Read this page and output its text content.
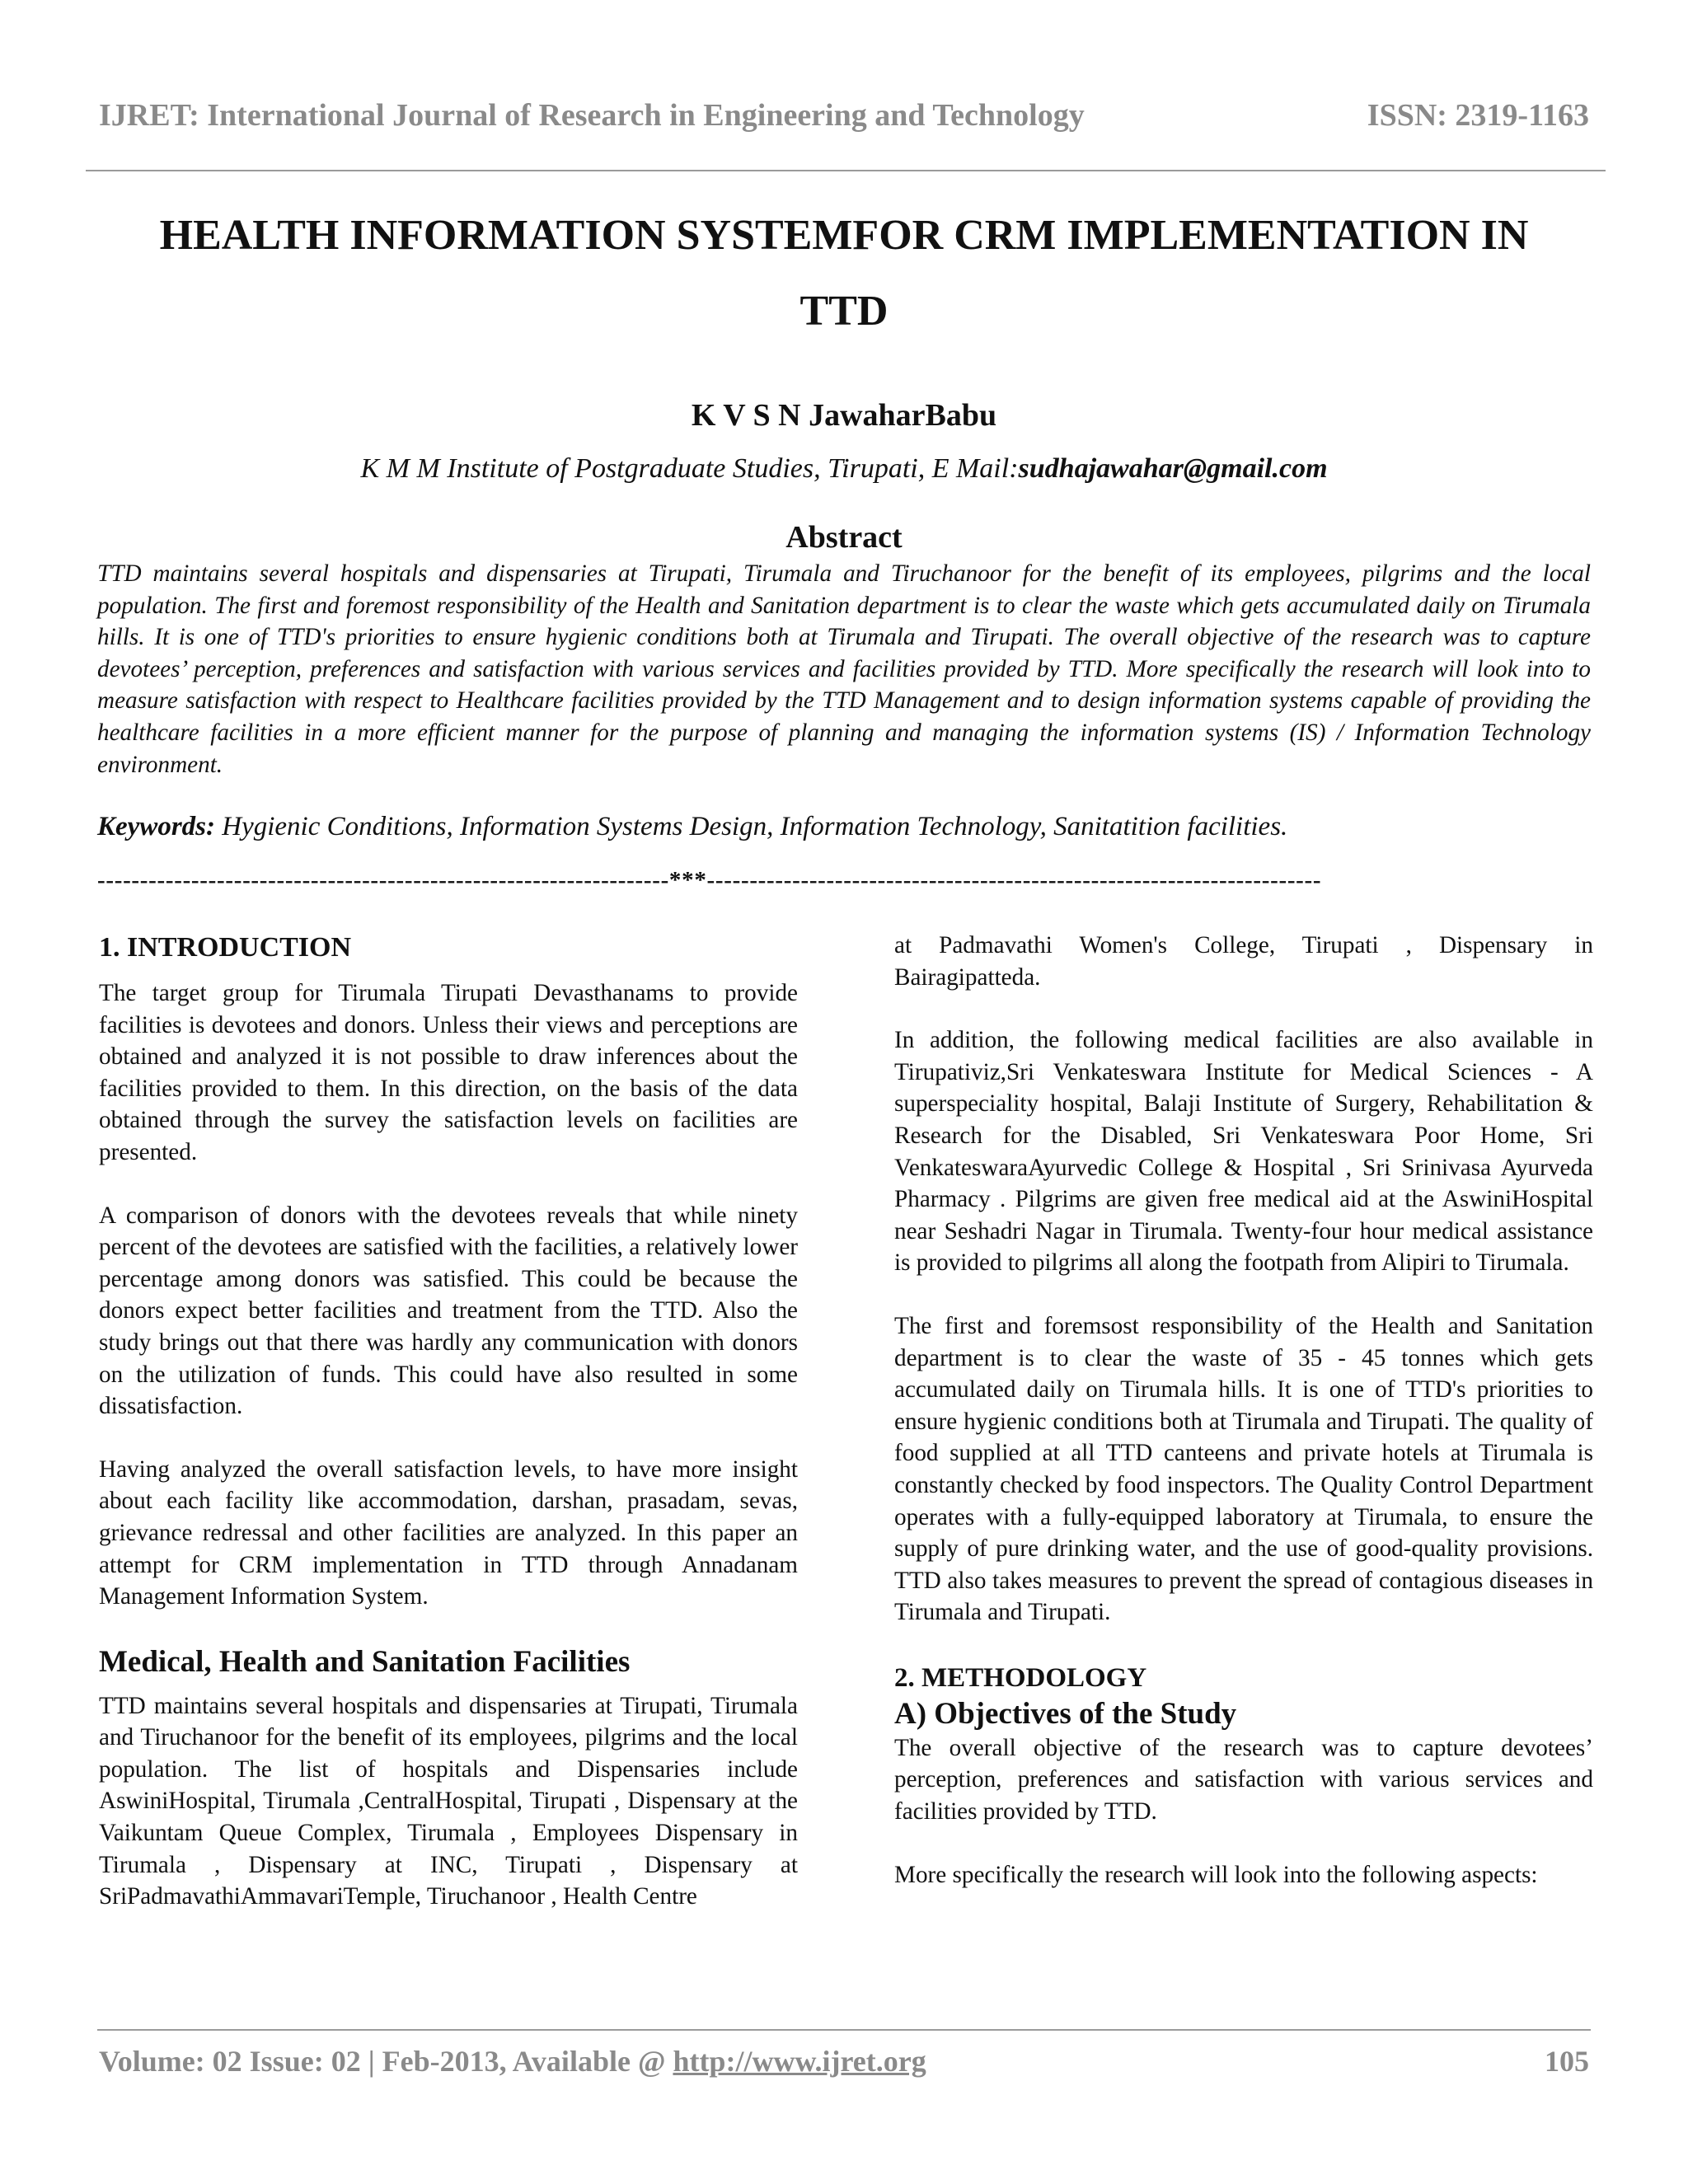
IJRET: International Journal of Research in Engineering and Technology	ISSN: 2319-1163
HEALTH INFORMATION SYSTEMFOR CRM IMPLEMENTATION IN
TTD
K V S N JawaharBabu
K M M Institute of Postgraduate Studies, Tirupati, E Mail:sudhajawahar@gmail.com
Abstract

TTD maintains several hospitals and dispensaries at Tirupati, Tirumala and Tiruchanoor for the benefit of its employees, pilgrims and the local population. The first and foremost responsibility of the Health and Sanitation department is to clear the waste which gets accumulated daily on Tirumala hills. It is one of TTD's priorities to ensure hygienic conditions both at Tirumala and Tirupati. The overall objective of the research was to capture devotees’ perception, preferences and satisfaction with various services and facilities provided by TTD. More specifically the research will look into to measure satisfaction with respect to Healthcare facilities provided by the TTD Management and to design information systems capable of providing the healthcare facilities in a more efficient manner for the purpose of planning and managing the information systems (IS) / Information Technology environment.

Keywords: Hygienic Conditions, Information Systems Design, Information Technology, Sanitatition facilities.
-------------------------------------------------------------------***------------------------------------------------------------------------
1. INTRODUCTION

The target group for Tirumala Tirupati Devasthanams to provide facilities is devotees and donors. Unless their views and perceptions are obtained and analyzed it is not possible to draw inferences about the facilities provided to them. In this direction, on the basis of the data obtained through the survey the satisfaction levels on facilities are presented.

A comparison of donors with the devotees reveals that while ninety percent of the devotees are satisfied with the facilities, a relatively lower percentage among donors was satisfied. This could be because the donors expect better facilities and treatment from the TTD. Also the study brings out that there was hardly any communication with donors on the utilization of funds. This could have also resulted in some dissatisfaction.

Having analyzed the overall satisfaction levels, to have more insight about each facility like accommodation, darshan, prasadam, sevas, grievance redressal and other facilities are analyzed. In this paper an attempt for CRM implementation in TTD through Annadanam Management Information System.

Medical, Health and Sanitation Facilities

TTD maintains several hospitals and dispensaries at Tirupati, Tirumala and Tiruchanoor for the benefit of its employees, pilgrims and the local population. The list of hospitals and Dispensaries include AswiniHospital, Tirumala ,CentralHospital, Tirupati , Dispensary at the Vaikuntam Queue Complex, Tirumala , Employees Dispensary in Tirumala , Dispensary at INC, Tirupati , Dispensary at SriPadmavathiAmmavariTemple, Tiruchanoor , Health Centre

at Padmavathi Women's College, Tirupati , Dispensary in Bairagipatteda.

In addition, the following medical facilities are also available in Tirupativiz,Sri Venkateswara Institute for Medical Sciences - A superspeciality hospital, Balaji Institute of Surgery, Rehabilitation & Research for the Disabled, Sri Venkateswara Poor Home, Sri VenkateswaraAyurvedic College & Hospital , Sri Srinivasa Ayurveda Pharmacy . Pilgrims are given free medical aid at the AswiniHospital near Seshadri Nagar in Tirumala. Twenty-four hour medical assistance is provided to pilgrims all along the footpath from Alipiri to Tirumala.

The first and foremsost responsibility of the Health and Sanitation department is to clear the waste of 35 - 45 tonnes which gets accumulated daily on Tirumala hills. It is one of TTD's priorities to ensure hygienic conditions both at Tirumala and Tirupati. The quality of food supplied at all TTD canteens and private hotels at Tirumala is constantly checked by food inspectors. The Quality Control Department operates with a fully-equipped laboratory at Tirumala, to ensure the supply of pure drinking water, and the use of good-quality provisions. TTD also takes measures to prevent the spread of contagious diseases in Tirumala and Tirupati.

2. METHODOLOGY
A) Objectives of the Study

The overall objective of the research was to capture devotees’ perception, preferences and satisfaction with various services and facilities provided by TTD.

More specifically the research will look into the following aspects:

Volume: 02 Issue: 02 | Feb-2013, Available @ http://www.ijret.org	105
